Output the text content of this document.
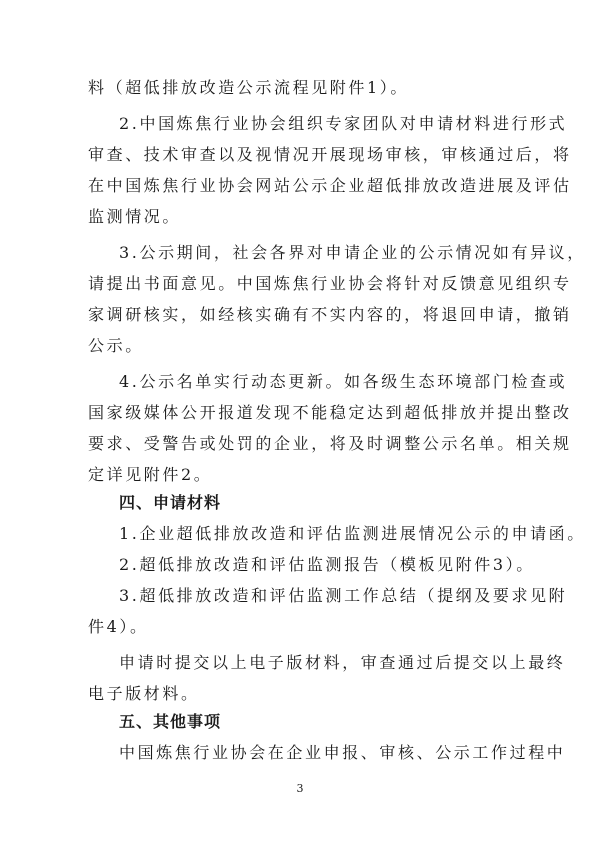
料（超低排放改造公示流程见附件1）。

2.中国炼焦行业协会组织专家团队对申请材料进行形式

审查、技术审查以及视情况开展现场审核，审核通过后，将

在中国炼焦行业协会网站公示企业超低排放改造进展及评估

监测情况。

3.公示期间，社会各界对申请企业的公示情况如有异议，

请提出书面意见。中国炼焦行业协会将针对反馈意见组织专

家调研核实，如经核实确有不实内容的，将退回申请，撤销

公示。

4.公示名单实行动态更新。如各级生态环境部门检查或

国家级媒体公开报道发现不能稳定达到超低排放并提出整改

要求、受警告或处罚的企业，将及时调整公示名单。相关规

定详见附件2。

四、申请材料

1.企业超低排放改造和评估监测进展情况公示的申请函。

2.超低排放改造和评估监测报告（模板见附件3）。

3.超低排放改造和评估监测工作总结（提纲及要求见附

件4）。

申请时提交以上电子版材料，审查通过后提交以上最终

电子版材料。

五、其他事项

中国炼焦行业协会在企业申报、审核、公示工作过程中

3
